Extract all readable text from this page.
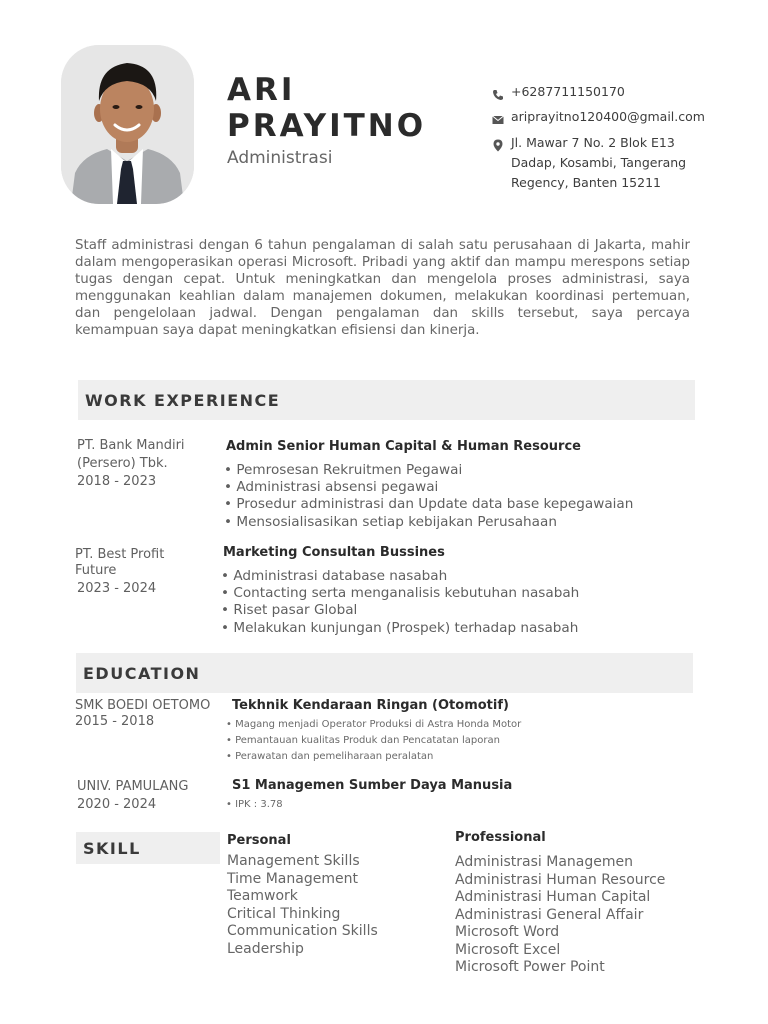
ARI
PRAYITNO
Administrasi
+6287711150170
ariprayitno120400@gmail.com
Jl. Mawar 7 No. 2 Blok E13 Dadap, Kosambi, Tangerang Regency, Banten 15211
Staff administrasi dengan 6 tahun pengalaman di salah satu perusahaan di Jakarta, mahir dalam mengoperasikan operasi Microsoft. Pribadi yang aktif dan mampu merespons setiap tugas dengan cepat. Untuk meningkatkan dan mengelola proses administrasi, saya menggunakan keahlian dalam manajemen dokumen, melakukan koordinasi pertemuan, dan pengelolaan jadwal. Dengan pengalaman dan skills tersebut, saya percaya kemampuan saya dapat meningkatkan efisiensi dan kinerja.
WORK EXPERIENCE
PT. Bank Mandiri (Persero) Tbk.
2018 - 2023
Admin Senior Human Capital & Human Resource
• Pemrosesan Rekruitmen Pegawai
• Administrasi absensi pegawai
• Prosedur administrasi dan Update data base kepegawaian
• Mensosialisasikan setiap kebijakan Perusahaan
PT. Best Profit Future
2023 - 2024
Marketing Consultan Bussines
• Administrasi database nasabah
• Contacting serta menganalisis kebutuhan nasabah
• Riset pasar Global
• Melakukan kunjungan (Prospek) terhadap nasabah
EDUCATION
SMK BOEDI OETOMO
2015 - 2018
Tekhnik Kendaraan Ringan (Otomotif)
• Magang menjadi Operator Produksi di Astra Honda Motor
• Pemantauan kualitas Produk dan Pencatatan laporan
• Perawatan dan pemeliharaan peralatan
UNIV. PAMULANG
2020 - 2024
S1 Managemen Sumber Daya Manusia
• IPK : 3.78
SKILL	Personal
Management Skills
Time Management
Teamwork
Critical Thinking
Communication Skills
Leadership
Professional
Administrasi Managemen
Administrasi Human Resource
Administrasi Human Capital
Administrasi General Affair
Microsoft Word
Microsoft Excel
Microsoft Power Point
